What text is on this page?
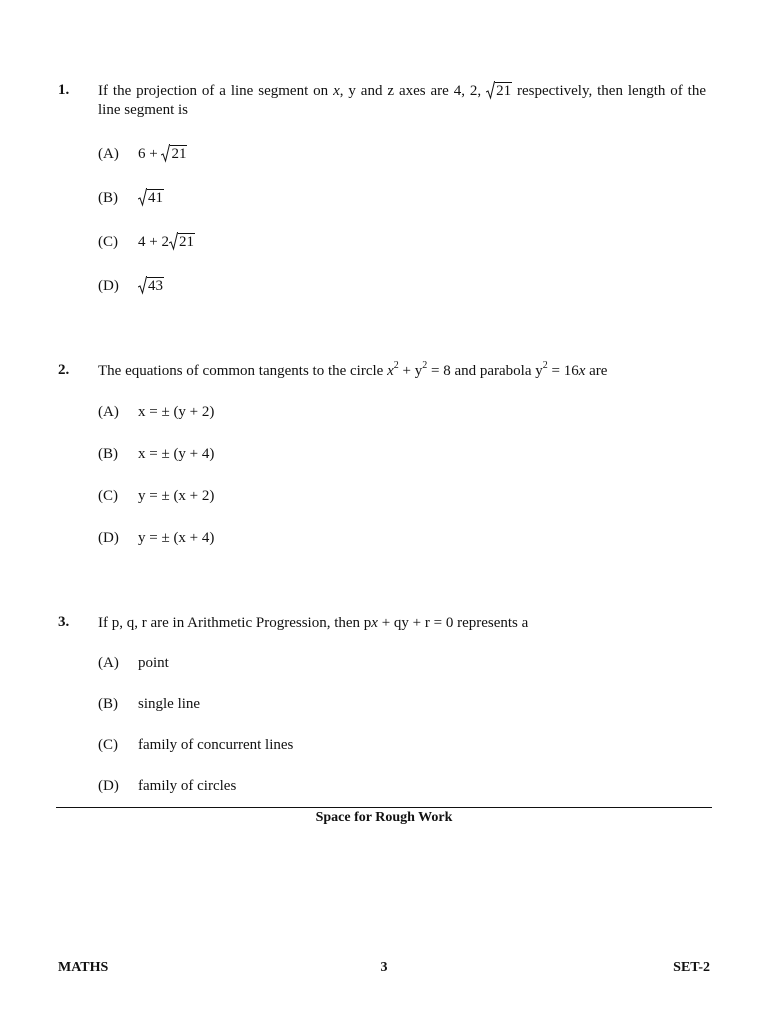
1. If the projection of a line segment on x, y and z axes are 4, 2,
21 respectively, then length of the line segment is
(A) 6 +
21
(B) 41
(C) 4 + 2 21
(D) 43
2. The equations of common tangents to the circle $x^2 + y^2 = 8$ and parabola $y^2 = 16x$ are
(A) x = ± (y + 2)
(B) x = ± (y + 4)
(C) y = ± (x + 2)
(D) y = ± (x + 4)
3. If p, q, r are in Arithmetic Progression, then px + qy + r = 0 represents a
(A) point
(B) single line
(C) family of concurrent lines
(D) family of circles
Space for Rough Work
MATHS	3	SET-2
